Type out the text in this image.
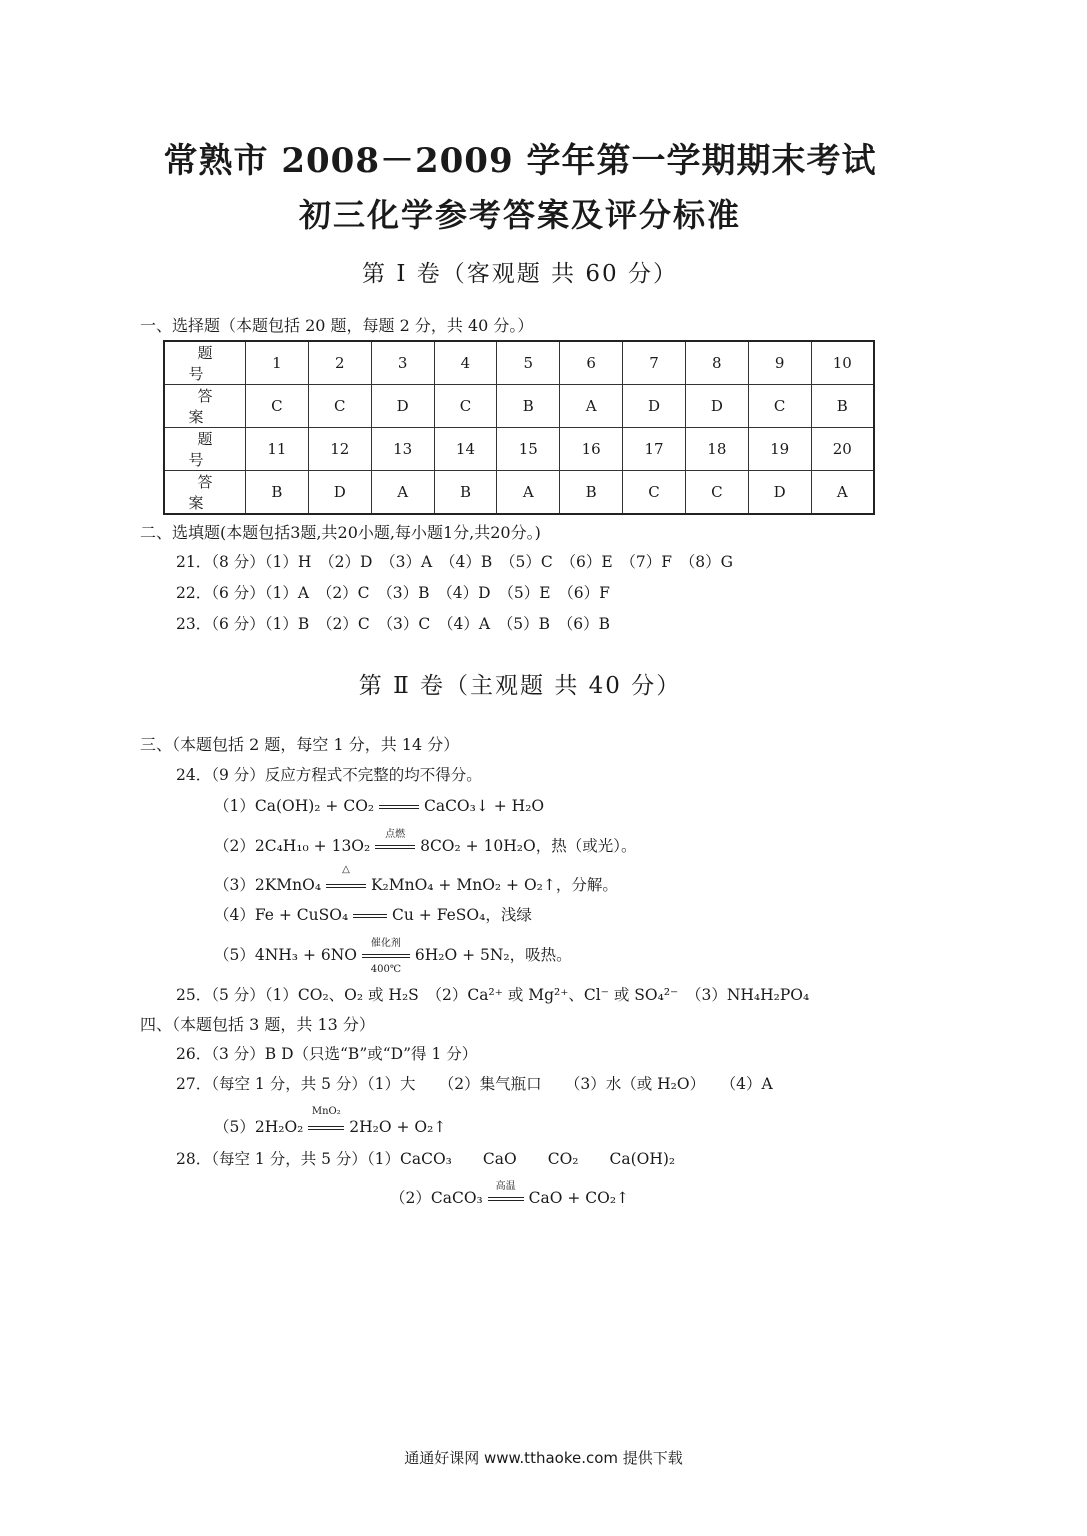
常熟市 2008－2009 学年第一学期期末考试
初三化学参考答案及评分标准
第 Ⅰ 卷（客观题 共 60 分）
一、选择题（本题包括 20 题，每题 2 分，共 40 分。）
题号	1	2	3	4	5	6	7	8	9	10
答案	C	C	D	C	B	A	D	D	C	B
题号	11	12	13	14	15	16	17	18	19	20
答案	B	D	A	B	A	B	C	C	D	A
二、选填题(本题包括3题,共20小题,每小题1分,共20分。)
21．（8 分）（1）H　（2）D　（3）A　（4）B　（5）C　（6）E　（7）F　（8）G
22．（6 分）（1）A　（2）C　（3）B　（4）D　（5）E　（6）F
23．（6 分）（1）B　（2）C　（3）C　（4）A　（5）B　（6）B
第 Ⅱ 卷（主观题 共 40 分）
三、（本题包括 2 题，每空 1 分，共 14 分）
24．（9 分）反应方程式不完整的均不得分。
（1）Ca(OH)₂ + CO₂	CaCO₃↓ + H₂O
（2）2C₄H₁₀ + 13O₂
点燃
8CO₂ + 10H₂O，热（或光）。
（3）2KMnO₄
△
K₂MnO₄ + MnO₂ + O₂↑，分解。
（4）Fe + CuSO₄  Cu + FeSO₄，浅绿
（5）4NH₃ + 6NO
催化剂
400℃
6H₂O + 5N₂，吸热。
25．（5 分）（1）CO₂、O₂ 或 H₂S　（2）Ca²⁺ 或 Mg²⁺、Cl⁻ 或 SO₄²⁻　（3）NH₄H₂PO₄
四、（本题包括 3 题，共 13 分）
26．（3 分）B D（只选“B”或“D”得 1 分）
27．（每空 1 分，共 5 分）（1）大　　（2）集气瓶口　　（3）水（或 H₂O）　　（4）A
（5）2H₂O₂
MnO₂
2H₂O + O₂↑
28．（每空 1 分，共 5 分）（1）CaCO₃　　CaO　　CO₂　　Ca(OH)₂
（2）CaCO₃
高温
CaO + CO₂↑
通通好课网 www.tthaoke.com 提供下载
